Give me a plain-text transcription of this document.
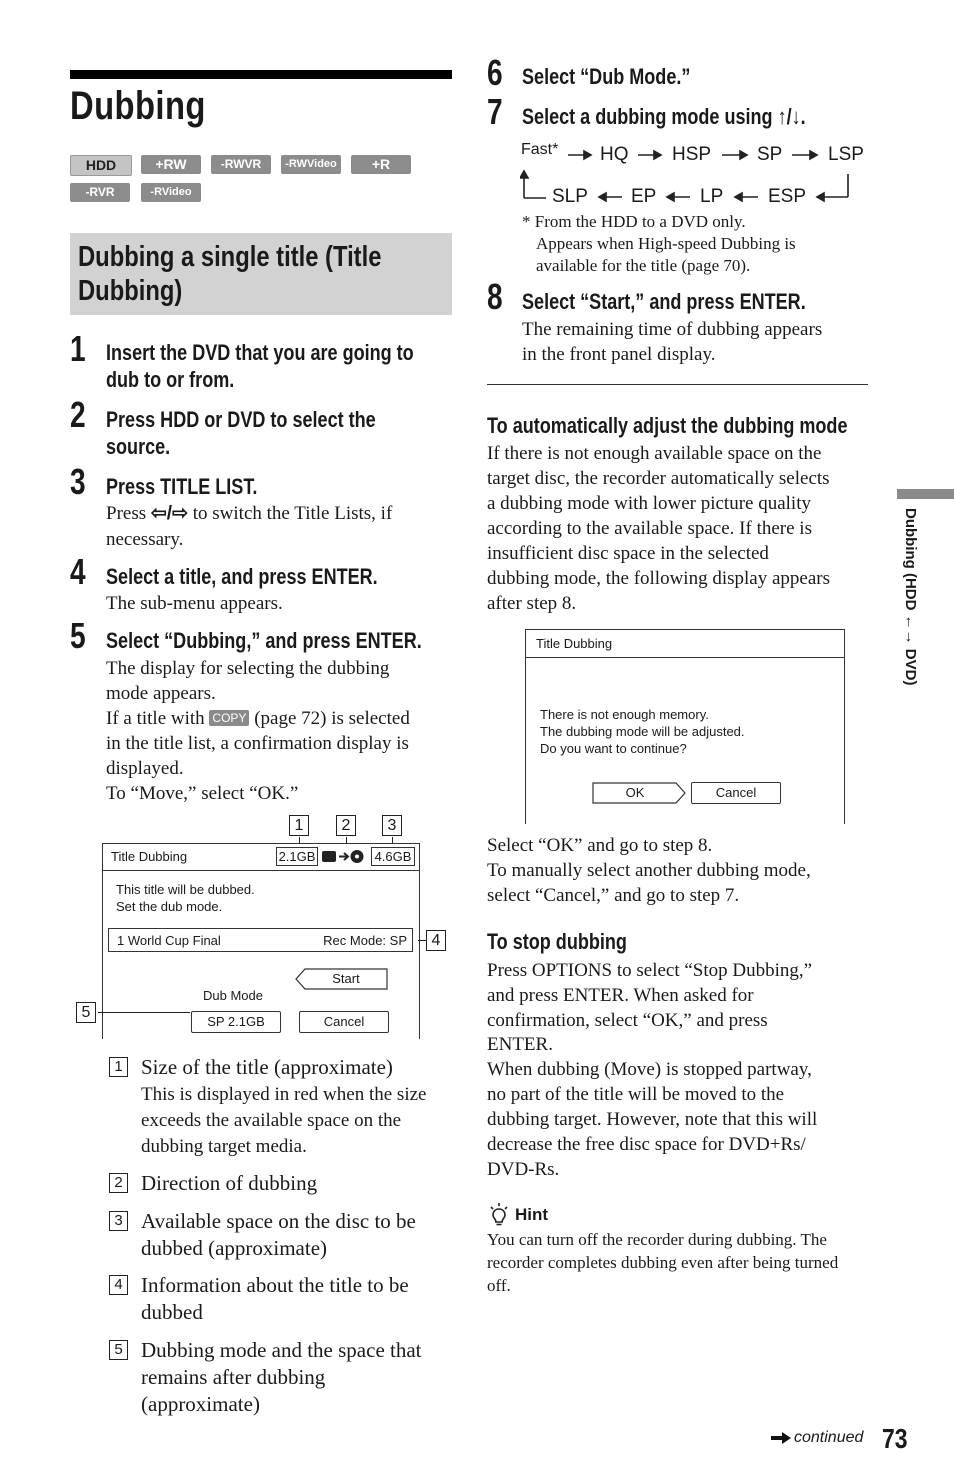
Dubbing
HDD	+RW	-RWVR	-RWVideo	+R
-RVR	-RVideo
Dubbing a single title (Title Dubbing)
1 Insert the DVD that you are going to
dub to or from.
2 Press HDD or DVD to select the
source.
3 Press TITLE LIST.
Press ⇦/⇨ to switch the Title Lists, if
necessary.
4 Select a title, and press ENTER.
The sub-menu appears.
5 Select “Dubbing,” and press ENTER.
The display for selecting the dubbing
mode appears.
If a title with COPY (page 72) is selected
in the title list, a confirmation display is
displayed.
To “Move,” select “OK.”
1	2	3
Title Dubbing	2.1GB	4.6GB
This title will be dubbed.
Set the dub mode.
1 World Cup Final	Rec Mode: SP
Dub Mode
SP 2.1GB
Start
Cancel
4
5
1 Size of the title (approximate)
This is displayed in red when the size
exceeds the available space on the
dubbing target media.
2 Direction of dubbing
3 Available space on the disc to be
dubbed (approximate)
4 Information about the title to be
dubbed
5 Dubbing mode and the space that
remains after dubbing
(approximate)
6 Select “Dub Mode.”
7 Select a dubbing mode using ↑/↓.
Fast* HQ HSP SP LSP
SLP EP LP ESP
* From the HDD to a DVD only.
Appears when High-speed Dubbing is
available for the title (page 70).
8 Select “Start,” and press ENTER.
The remaining time of dubbing appears
in the front panel display.
To automatically adjust the dubbing mode
If there is not enough available space on the
target disc, the recorder automatically selects
a dubbing mode with lower picture quality
according to the available space. If there is
insufficient disc space in the selected
dubbing mode, the following display appears
after step 8.
Title Dubbing
There is not enough memory.
The dubbing mode will be adjusted.
Do you want to continue?
OK	Cancel
Select “OK” and go to step 8.
To manually select another dubbing mode,
select “Cancel,” and go to step 7.
To stop dubbing
Press OPTIONS to select “Stop Dubbing,”
and press ENTER. When asked for
confirmation, select “OK,” and press
ENTER.
When dubbing (Move) is stopped partway,
no part of the title will be moved to the
dubbing target. However, note that this will
decrease the free disc space for DVD+Rs/
DVD-Rs.
Hint
You can turn off the recorder during dubbing. The
recorder completes dubbing even after being turned
off.
Dubbing (HDD ←→ DVD)
continued 73
